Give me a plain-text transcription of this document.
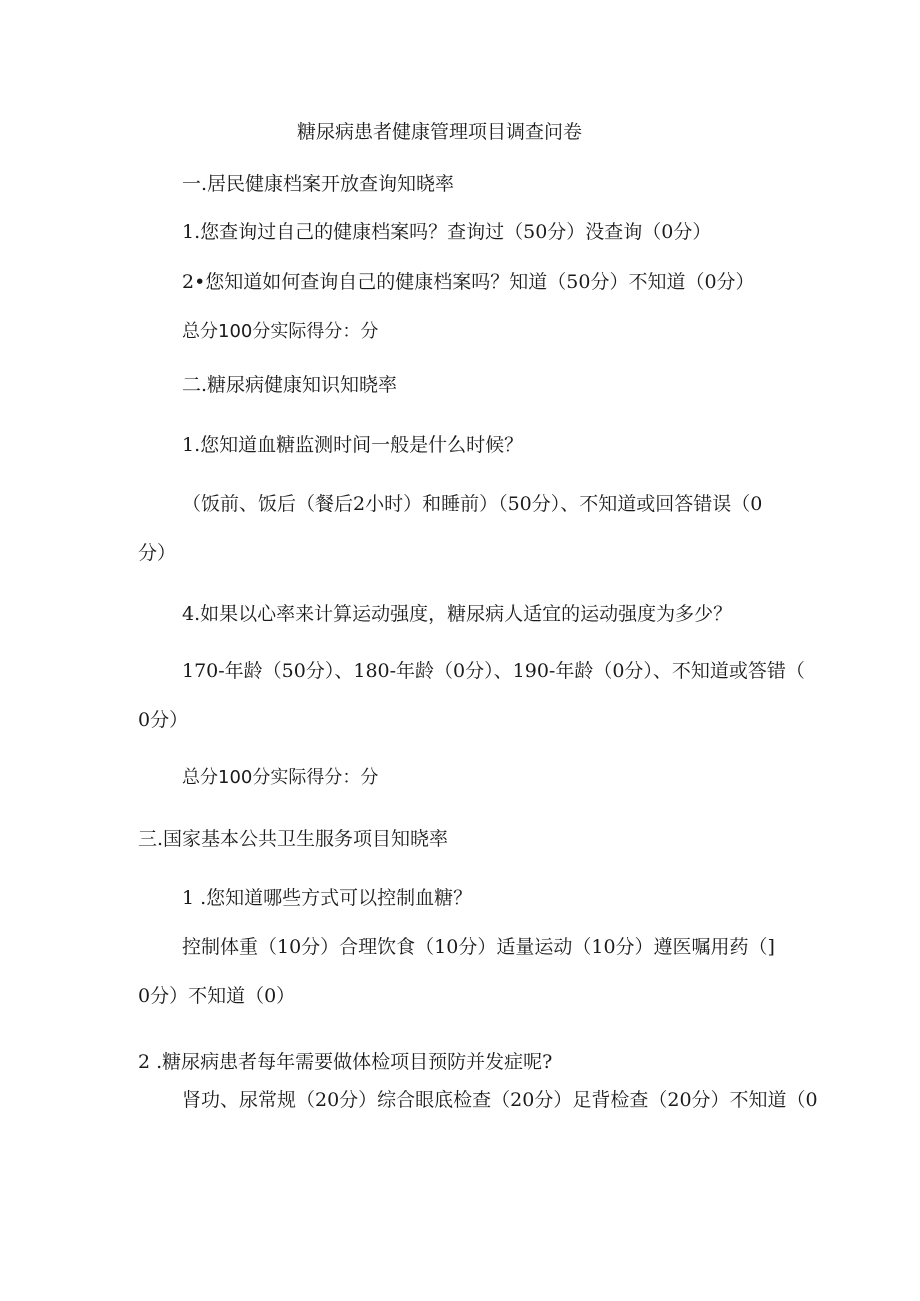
糖尿病患者健康管理项目调查问卷
一.居民健康档案开放查询知晓率
1.您查询过自己的健康档案吗？查询过（50分）没查询（0分）
2•您知道如何查询自己的健康档案吗？知道（50分）不知道（0分）
总分100分实际得分：分
二.糖尿病健康知识知晓率
1.您知道血糖监测时间一般是什么时候？
（饭前、饭后（餐后2小时）和睡前）（50分）、不知道或回答错误（0
分）
4.如果以心率来计算运动强度，糖尿病人适宜的运动强度为多少？
170-年龄（50分）、180-年龄（0分）、190-年龄（0分）、不知道或答错（
0分）
总分100分实际得分：分
三.国家基本公共卫生服务项目知晓率
1 .您知道哪些方式可以控制血糖？
控制体重（10分）合理饮食（10分）适量运动（10分）遵医嘱用药（]
0分）不知道（0）
2 .糖尿病患者每年需要做体检项目预防并发症呢?
肾功、尿常规（20分）综合眼底检查（20分）足背检查（20分）不知道（0
